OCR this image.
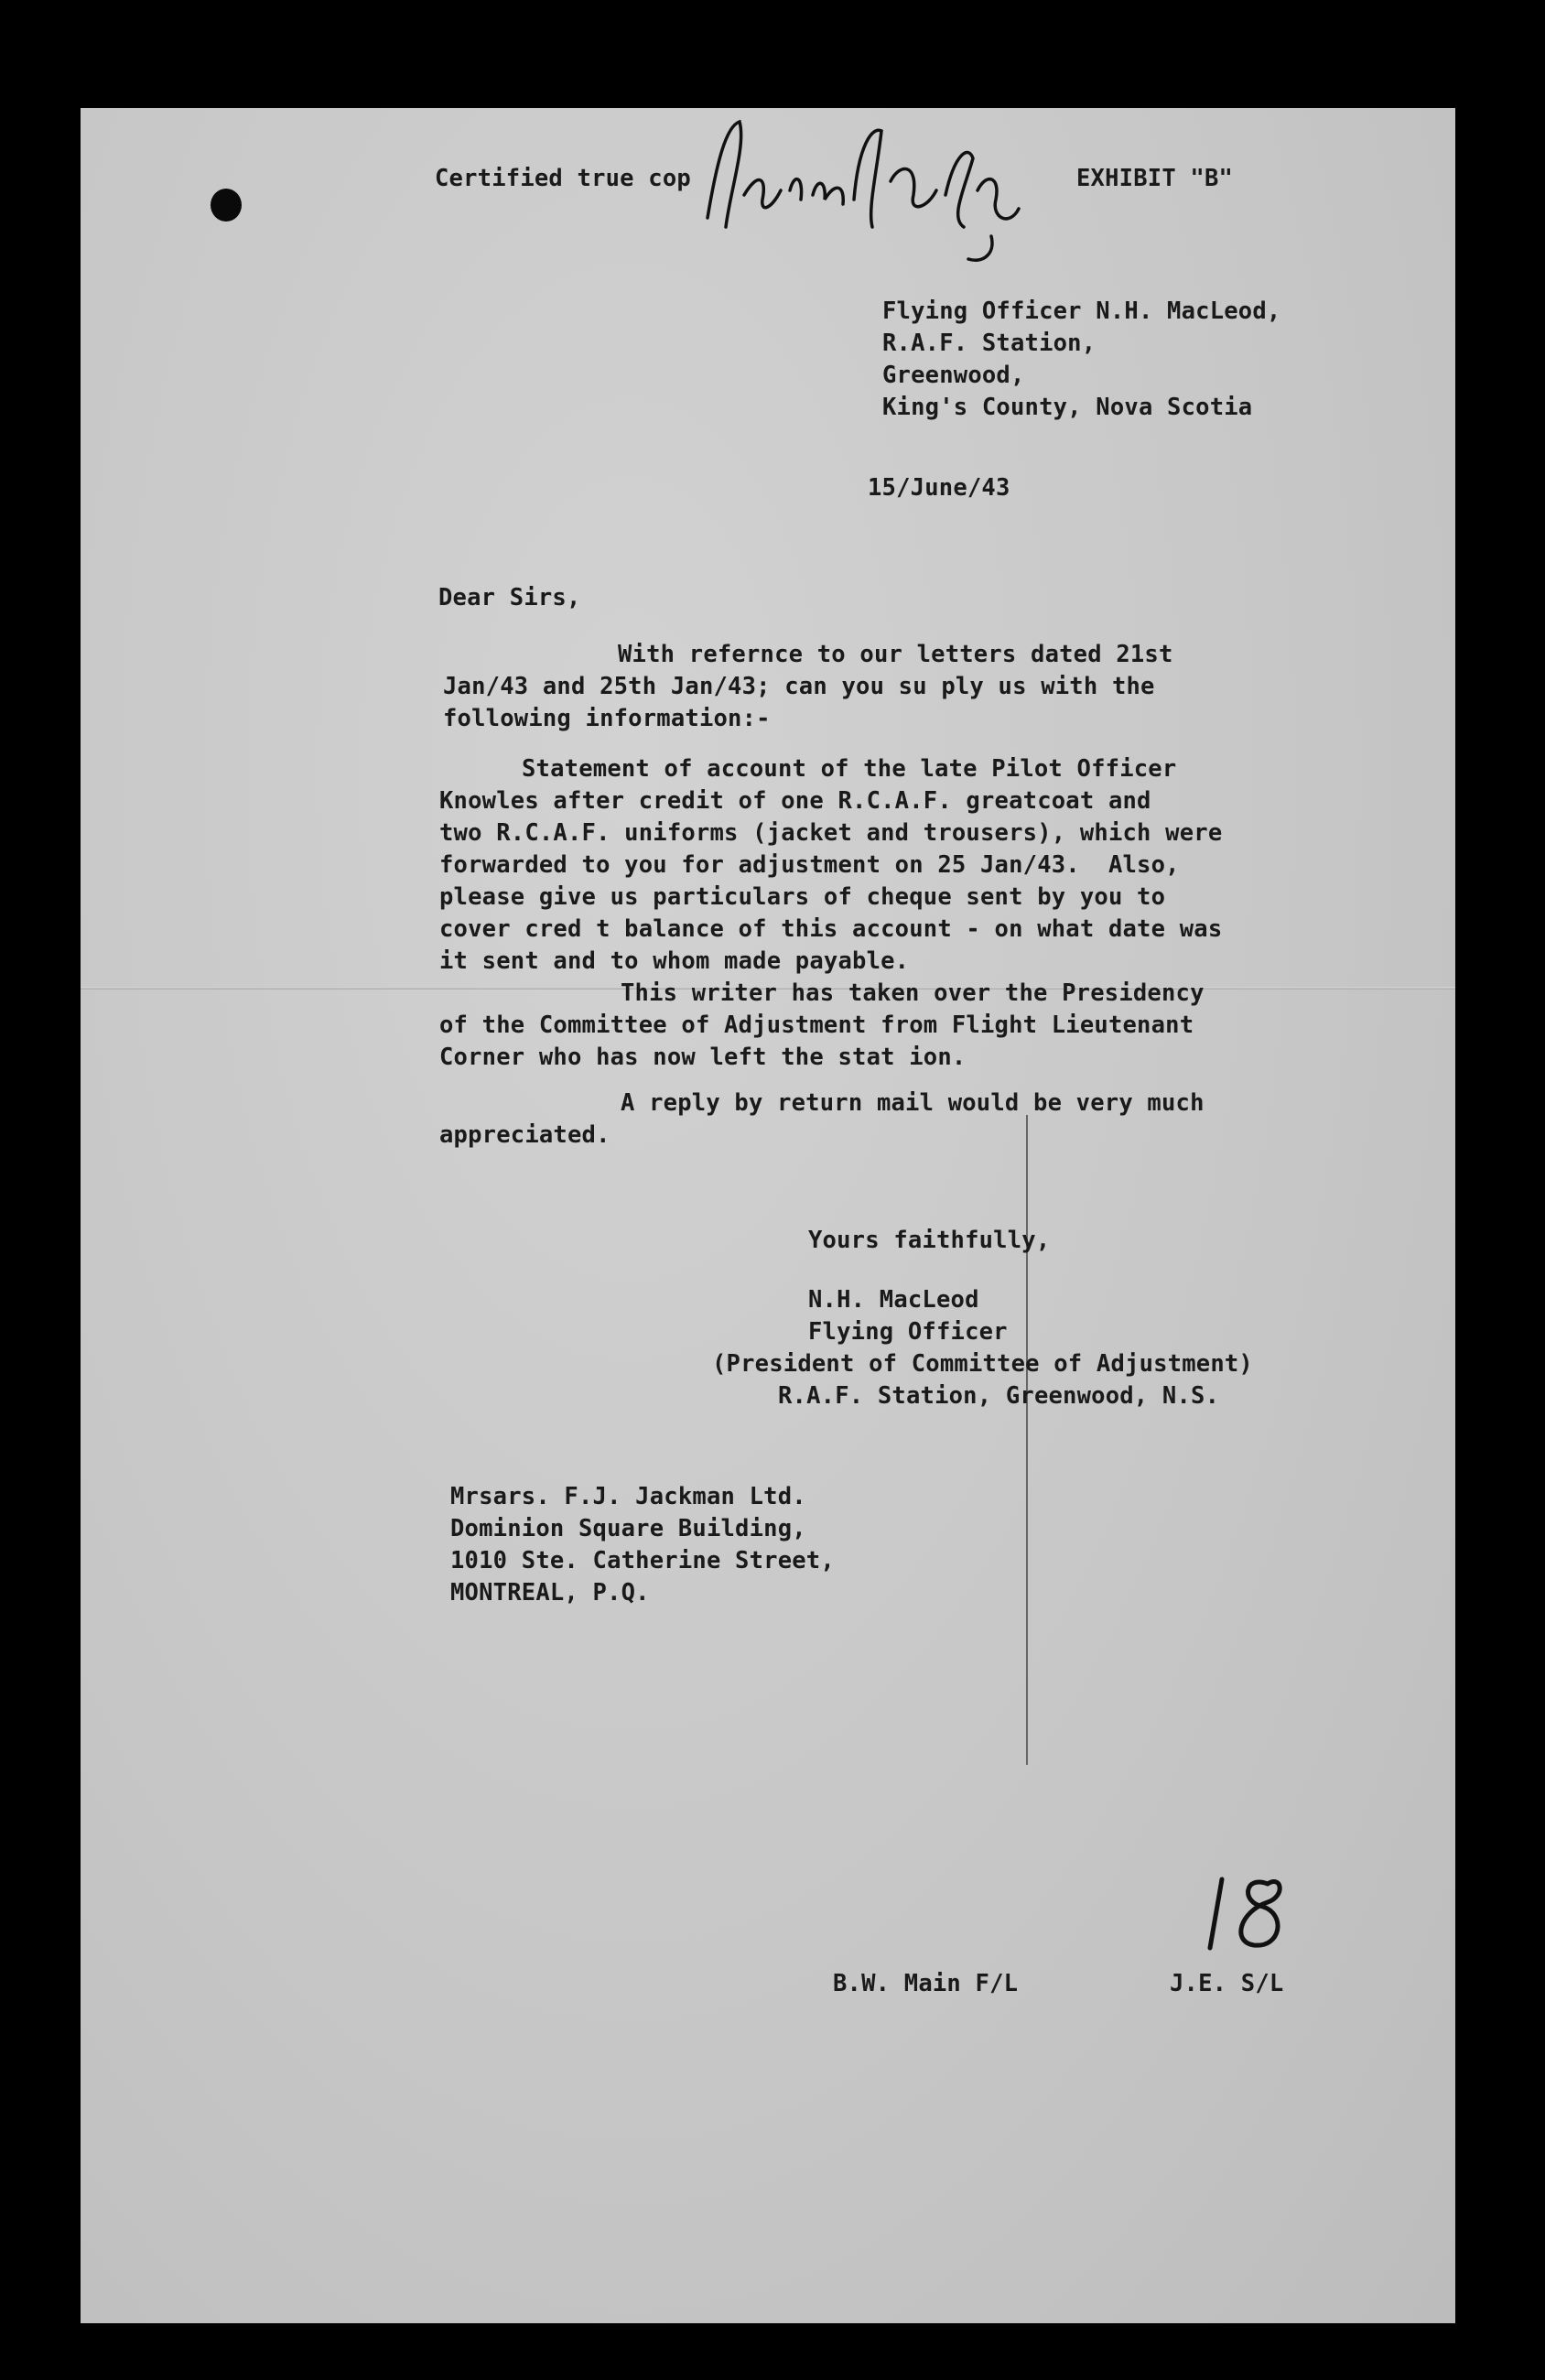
Certified true cop	EXHIBIT "B"
Flying Officer N.H. MacLeod,
R.A.F. Station,
Greenwood,
King's County, Nova Scotia
15/June/43
Dear Sirs,
With refernce to our letters dated 21st
Jan/43 and 25th Jan/43; can you su ply us with the
following information:-
Statement of account of the late Pilot Officer
Knowles after credit of one R.C.A.F. greatcoat and
two R.C.A.F. uniforms (jacket and trousers), which were
forwarded to you for adjustment on 25 Jan/43.  Also,
please give us particulars of cheque sent by you to
cover cred t balance of this account - on what date was
it sent and to whom made payable.
This writer has taken over the Presidency
of the Committee of Adjustment from Flight Lieutenant
Corner who has now left the stat ion.
A reply by return mail would be very much
appreciated.
Yours faithfully,
N.H. MacLeod
Flying Officer
(President of Committee of Adjustment)
R.A.F. Station, Greenwood, N.S.
Mrsars. F.J. Jackman Ltd.
Dominion Square Building,
1010 Ste. Catherine Street,
MONTREAL, P.Q.
B.W. Main F/L	J.E. S/L
